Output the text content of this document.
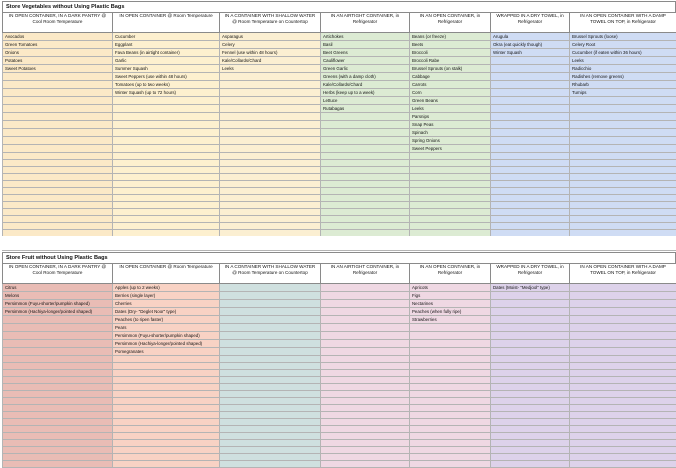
Store Vegetables without Using Plastic Bags
IN OPEN CONTAINER, IN A DARK PANTRY @ Cool Room Temperature	IN OPEN CONTAINER @ Room Temperature	IN A CONTAINER WITH SHALLOW WATER @ Room Temperature on Countertop	IN AN AIRTIGHT CONTAINER, in Refrigerator	IN AN OPEN CONTAINER, in Refrigerator	WRAPPED IN A DRY TOWEL, in Refrigerator	IN AN OPEN CONTAINER WITH A DAMP TOWEL ON TOP, in Refrigerator
Avocados	Cucumber	Asparagus	Artichokes	Beans (or freeze)	Arugula	Brussel Sprouts (loose)
Green Tomatoes	Eggplant	Celery	Basil	Beets	Okra (eat quickly though)	Celery Root
Onions	Fava Beans (in airtight container)	Fennel (use within 48 hours)	Beet Greens	Broccoli	Winter Squash	Cucumber (if eaten within 36 hours)
Potatoes	Garlic	Kale/Collards/Chard	Cauliflower	Broccoli Rabe		Leeks
Sweet Potatoes	Summer Squash	Leeks	Green Garlic	Brussel Sprouts (on stalk)		Radicchio
	Sweet Peppers (use within 48 hours)		Greens (with a damp cloth)	Cabbage		Radishes (remove greens)
	Tomatoes (up to two weeks)		Kale/Collards/Chard	Carrots		Rhubarb
	Winter Squash (up to 72 hours)		Herbs (keep up to a week)	Corn		Turnips
			Lettuce	Green Beans		
			Rutabagas	Leeks		
				Parsnips		
				Snap Peas		
				Spinach		
				Spring Onions		
				Sweet Peppers		

Store Fruit without Using Plastic Bags
IN OPEN CONTAINER, IN A DARK PANTRY @ Cool Room Temperature	IN OPEN CONTAINER @ Room Temperature	IN A CONTAINER WITH SHALLOW WATER @ Room Temperature on Countertop	IN AN AIRTIGHT CONTAINER, in Refrigerator	IN AN OPEN CONTAINER, in Refrigerator	WRAPPED IN A DRY TOWEL, in Refrigerator	IN AN OPEN CONTAINER WITH A DAMP TOWEL ON TOP, in Refrigerator
Citrus	Apples (up to 2 weeks)			Apricots	Dates (Moist- "Medjool" type)	
Melons	Berries (single layer)			Figs		
Persimmon (Fuyu-shorter/pumpkin shaped)	Cherries			Nectarines		
Persimmon (Hachiya-longer/pointed shaped)	Dates (Dry- "Deglet Noor" type)			Peaches (when fully ripe)		
	Peaches (to ripen faster)			Strawberries		
	Pears					
	Persimmon (Fuyu-shorter/pumpkin shaped)					
	Persimmon (Hachiya-longer/pointed shaped)					
	Pomegranates					
